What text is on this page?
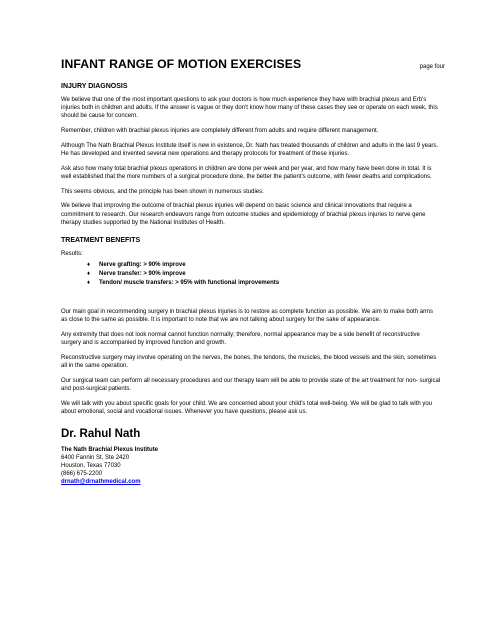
INFANT RANGE OF MOTION EXERCISES	page four
INJURY DIAGNOSIS

We believe that one of the most important questions to ask your doctors is how much experience they have with brachial plexus and Erb's injuries both in children and adults. If the answer is vague or they don't know how many of these cases they see or operate on each week, this should be cause for concern.

Remember, children with brachial plexus injuries are completely different from adults and require different management.

Although The Nath Brachial Plexus Institute itself is new in existence, Dr. Nath has treated thousands of children and adults in the last 9 years. He has developed and invented several new operations and therapy protocols for treatment of these injuries.

Ask also how many total brachial plexus operations in children are done per week and per year, and how many have been done in total. It is well established that the more numbers of a surgical procedure done, the better the patient's outcome, with fewer deaths and complications.

This seems obvious, and the principle has been shown in numerous studies.

We believe that improving the outcome of brachial plexus injuries will depend on basic science and clinical innovations that require a commitment to research. Our research endeavors range from outcome studies and epidemiology of brachial plexus injuries to nerve gene therapy studies supported by the National Institutes of Health.

TREATMENT BENEFITS

Results:

♦	Nerve grafting: > 90% improve
♦	Nerve transfer: > 90% improve
♦	Tendon/ muscle transfers: > 95% with functional improvements

Our main goal in recommending surgery in brachial plexus injuries is to restore as complete function as possible. We aim to make both arms as close to the same as possible. It is important to note that we are not talking about surgery for the sake of appearance.

Any extremity that does not look normal cannot function normally; therefore, normal appearance may be a side benefit of reconstructive surgery and is accompanied by improved function and growth.

Reconstructive surgery may involve operating on the nerves, the bones, the tendons, the muscles, the blood vessels and the skin, sometimes all in the same operation.

Our surgical team can perform all necessary procedures and our therapy team will be able to provide state of the art treatment for non- surgical and post-surgical patients.

We will talk with you about specific goals for your child. We are concerned about your child's total well-being. We will be glad to talk with you about emotional, social and vocational issues. Whenever you have questions, please ask us.

Dr. Rahul Nath
The Nath Brachial Plexus Institute
6400 Fannin St, Ste 2420
Houston, Texas 77030
(866) 675-2200
drnath@drnathmedical.com
